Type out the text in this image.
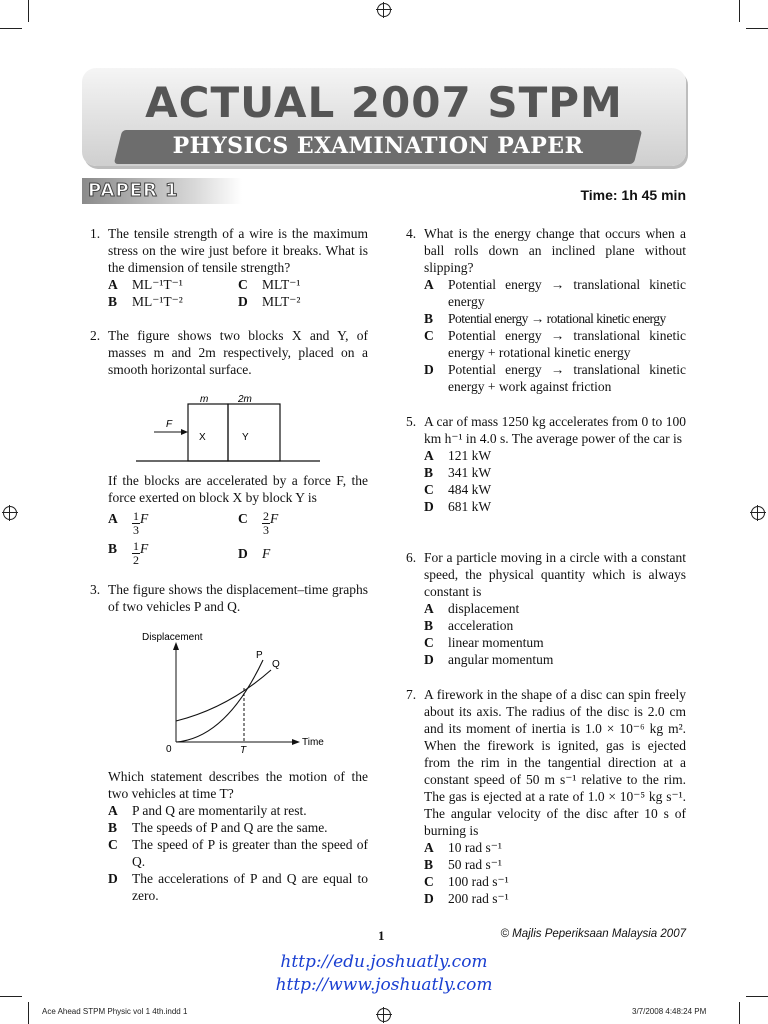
ACTUAL 2007 STPM
PHYSICS EXAMINATION PAPER
PAPER 1	Time: 1h 45 min
1. The tensile strength of a wire is the maximum stress on the wire just before it breaks. What is the dimension of tensile strength?
A	ML⁻¹T⁻¹	C	MLT⁻¹
B	ML⁻¹T⁻²	D	MLT⁻²
2. The figure shows two blocks X and Y, of masses m and 2m respectively, placed on a smooth horizontal surface.
m	2m
F
X	Y
If the blocks are accelerated by a force F, the force exerted on block X by block Y is
A	$\frac{1}{3}$ F	C	$\frac{2}{3}$ F
B	$\frac{1}{2}$ F	D	F
3. The figure shows the displacement–time graphs of two vehicles P and Q.
Displacement
Time
0	T
P
Q
Which statement describes the motion of the two vehicles at time T?
A	P and Q are momentarily at rest.
B	The speeds of P and Q are the same.
C	The speed of P is greater than the speed of Q.
D	The accelerations of P and Q are equal to zero.
4. What is the energy change that occurs when a ball rolls down an inclined plane without slipping?
A	Potential energy → translational kinetic energy
B	Potential energy → rotational kinetic energy
C	Potential energy → translational kinetic energy + rotational kinetic energy
D	Potential energy → translational kinetic energy + work against friction
5. A car of mass 1250 kg accelerates from 0 to 100 km h⁻¹ in 4.0 s. The average power of the car is
A	121 kW
B	341 kW
C	484 kW
D	681 kW
6. For a particle moving in a circle with a constant speed, the physical quantity which is always constant is
A	displacement
B	acceleration
C	linear momentum
D	angular momentum
7. A firework in the shape of a disc can spin freely about its axis. The radius of the disc is 2.0 cm and its moment of inertia is 1.0 × 10⁻⁶ kg m². When the firework is ignited, gas is ejected from the rim in the tangential direction at a constant speed of 50 m s⁻¹ relative to the rim. The gas is ejected at a rate of 1.0 × 10⁻⁵ kg s⁻¹. The angular velocity of the disc after 10 s of burning is
A	10 rad s⁻¹
B	50 rad s⁻¹
C	100 rad s⁻¹
D	200 rad s⁻¹
1	© Majlis Peperiksaan Malaysia 2007
http://edu.joshuatly.com
http://www.joshuatly.com
Ace Ahead STPM Physic vol 1 4th.indd 1	3/7/2008 4:48:24 PM
